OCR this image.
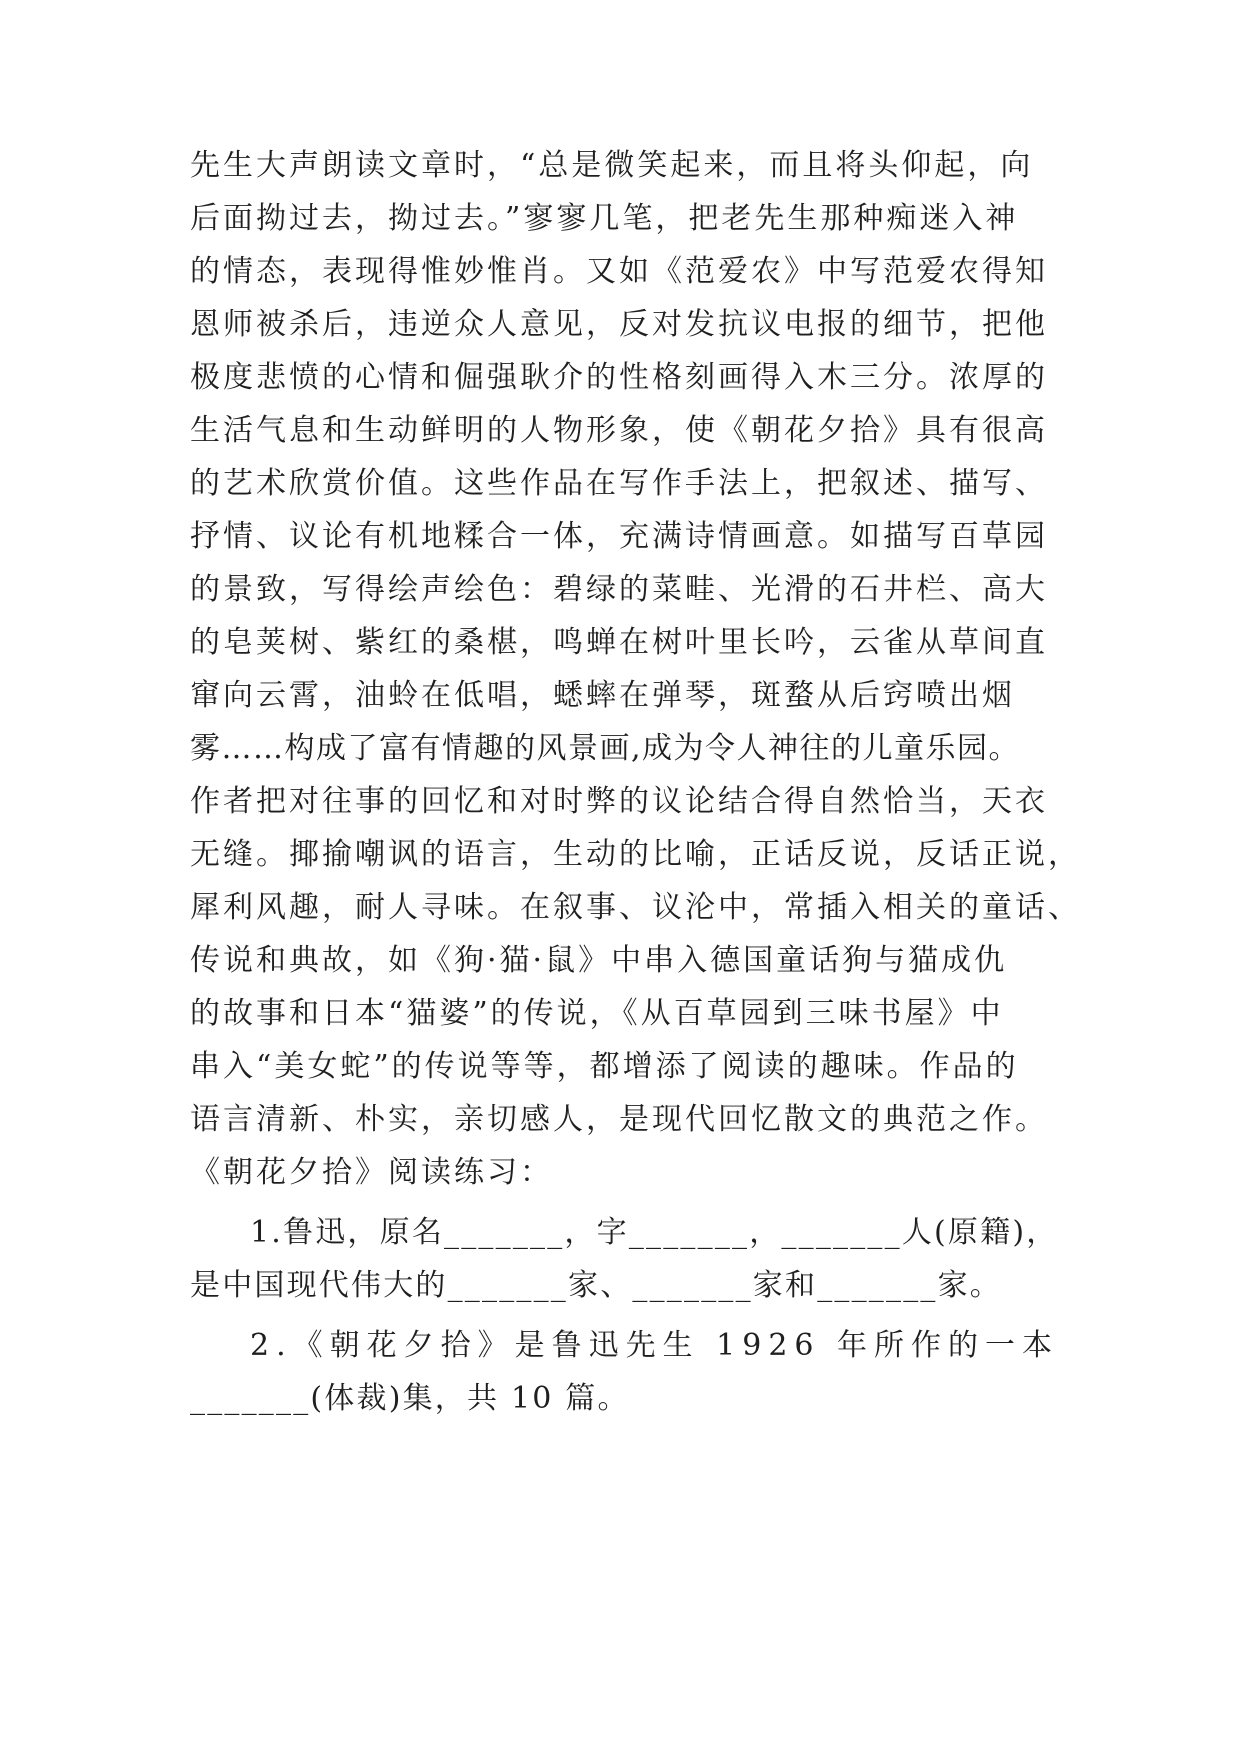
先生大声朗读文章时，“总是微笑起来，而且将头仰起，向
后面拗过去，拗过去。”寥寥几笔，把老先生那种痴迷入神
的情态，表现得惟妙惟肖。又如《范爱农》中写范爱农得知
恩师被杀后，违逆众人意见，反对发抗议电报的细节，把他
极度悲愤的心情和倔强耿介的性格刻画得入木三分。浓厚的
生活气息和生动鲜明的人物形象，使《朝花夕拾》具有很高
的艺术欣赏价值。这些作品在写作手法上，把叙述、描写、
抒情、议论有机地糅合一体，充满诗情画意。如描写百草园
的景致，写得绘声绘色：碧绿的菜畦、光滑的石井栏、高大
的皂荚树、紫红的桑椹，鸣蝉在树叶里长吟，云雀从草间直
窜向云霄，油蛉在低唱，蟋蟀在弹琴，斑蝥从后窍喷出烟
雾……构成了富有情趣的风景画,成为令人神往的儿童乐园。
作者把对往事的回忆和对时弊的议论结合得自然恰当，天衣
无缝。揶揄嘲讽的语言，生动的比喻，正话反说，反话正说，
犀利风趣，耐人寻味。在叙事、议沦中，常插入相关的童话、
传说和典故，如《狗·猫·鼠》中串入德国童话狗与猫成仇
的故事和日本“猫婆”的传说，《从百草园到三味书屋》中
串入“美女蛇”的传说等等，都增添了阅读的趣味。作品的
语言清新、朴实，亲切感人，是现代回忆散文的典范之作。
《朝花夕拾》阅读练习：
1.鲁迅，原名_______，字_______，_______人(原籍)，
是中国现代伟大的_______家、_______家和_______家。
2.《朝花夕拾》是鲁迅先生 1926 年所作的一本
_______(体裁)集，共 10 篇。
